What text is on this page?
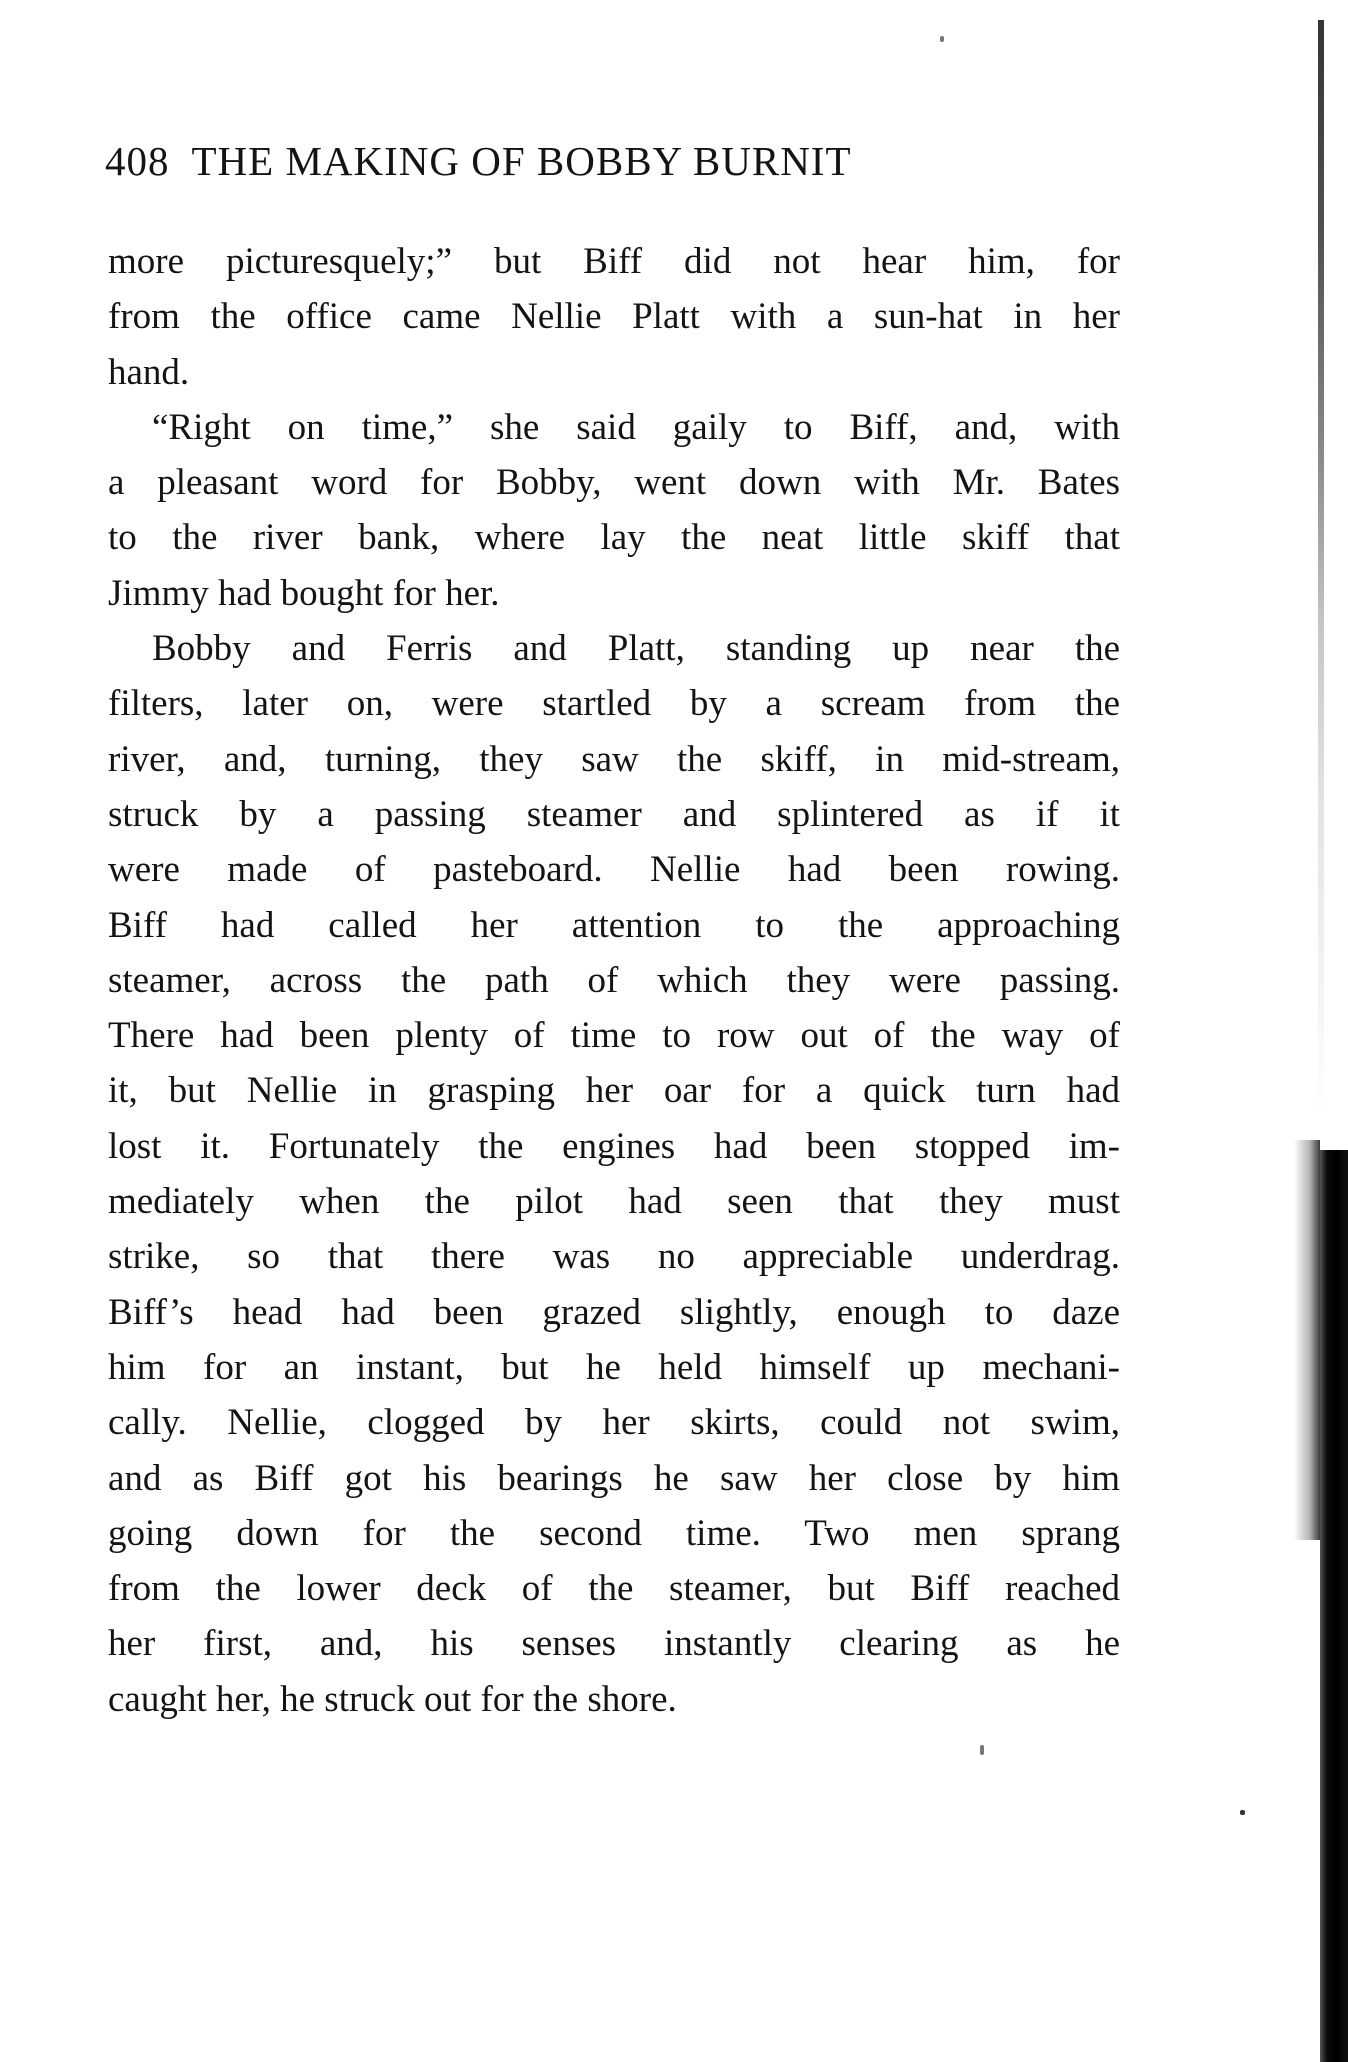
408 THE MAKING OF BOBBY BURNIT
more picturesquely;” but Biff did not hear him, for
from the office came Nellie Platt with a sun-hat in her
hand.
“Right on time,” she said gaily to Biff, and, with
a pleasant word for Bobby, went down with Mr. Bates
to the river bank, where lay the neat little skiff that
Jimmy had bought for her.
Bobby and Ferris and Platt, standing up near the
filters, later on, were startled by a scream from the
river, and, turning, they saw the skiff, in mid-stream,
struck by a passing steamer and splintered as if it
were made of pasteboard. Nellie had been rowing.
Biff had called her attention to the approaching
steamer, across the path of which they were passing.
There had been plenty of time to row out of the way of
it, but Nellie in grasping her oar for a quick turn had
lost it. Fortunately the engines had been stopped im-
mediately when the pilot had seen that they must
strike, so that there was no appreciable underdrag.
Biff’s head had been grazed slightly, enough to daze
him for an instant, but he held himself up mechani-
cally. Nellie, clogged by her skirts, could not swim,
and as Biff got his bearings he saw her close by him
going down for the second time. Two men sprang
from the lower deck of the steamer, but Biff reached
her first, and, his senses instantly clearing as he
caught her, he struck out for the shore.
